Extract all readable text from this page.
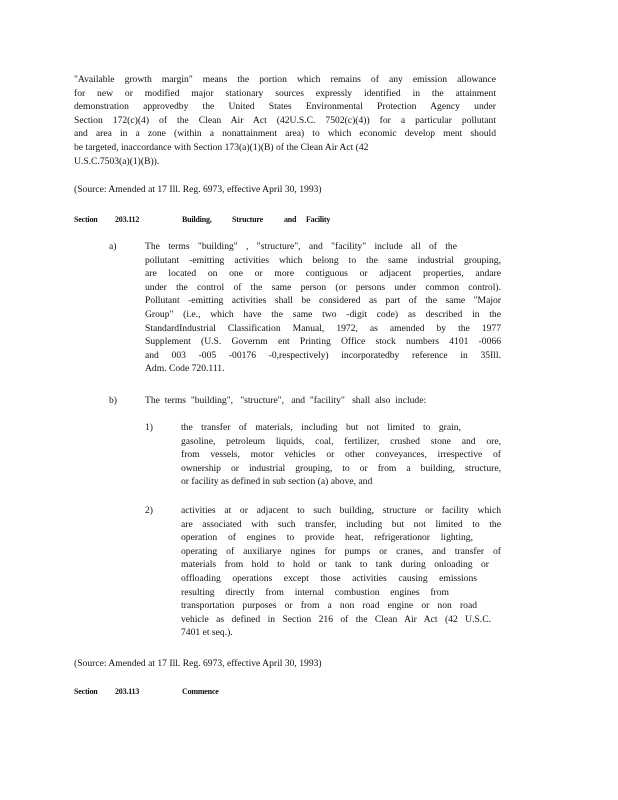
"Available growth margin" means the portion which remains of any emission allowance
for new or modified major stationary sources expressly identified in the attainment
demonstration approvedby the United States Environmental Protection Agency under
Section 172(c)(4) of the Clean Air Act (42U.S.C. 7502(c)(4)) for a particular pollutant
and area in a zone (within a nonattainment area) to which economic develop ment should
be targeted, inaccordance with Section 173(a)(1)(B) of the Clean Air Act (42
U.S.C.7503(a)(1)(B)).
(Source: Amended at 17 Ill. Reg. 6973, effective April 30, 1993)
Section 203.112	Building,	Structure	and Facility
a)	The terms "building" , "structure", and "facility" include all of the
pollutant -emitting activities which belong to the same industrial grouping,
are located on one or more contiguous or adjacent properties, andare
under the control of the same person (or persons under common control).
Pollutant -emitting activities shall be considered as part of the same "Major
Group" (i.e., which have the same two -digit code) as described in the
StandardIndustrial Classification Manual, 1972, as amended by the 1977
Supplement (U.S. Governm ent Printing Office stock numbers 4101 -0066
and 003 -005 -00176 -0,respectively) incorporatedby reference in 35Ill.
Adm. Code 720.111.
b)	The  terms  "building",   "structure",   and  "facility"   shall  also  include:
1)	the transfer of materials, including but not limited to grain,
gasoline, petroleum liquids, coal, fertilizer, crushed stone and ore,
from vessels, motor vehicles or other conveyances, irrespective of
ownership or industrial grouping, to or from a building, structure,
or facility as defined in sub section (a) above, and
2)	activities at or adjacent to such building, structure or facility which
are associated with such transfer, including but not limited to the
operation of engines to provide heat, refrigerationor lighting,
operating of auxiliarye ngines for pumps or cranes, and transfer of
materials from hold to hold or tank to tank during onloading or
offloading operations except those activities causing emissions
resulting directly from internal combustion engines from
transportation purposes or from a non road engine or non road
vehicle as defined in Section 216 of the Clean Air Act (42 U.S.C.
7401 et seq.).
(Source: Amended at 17 Ill. Reg. 6973, effective April 30, 1993)
Section 203.113	Commence
